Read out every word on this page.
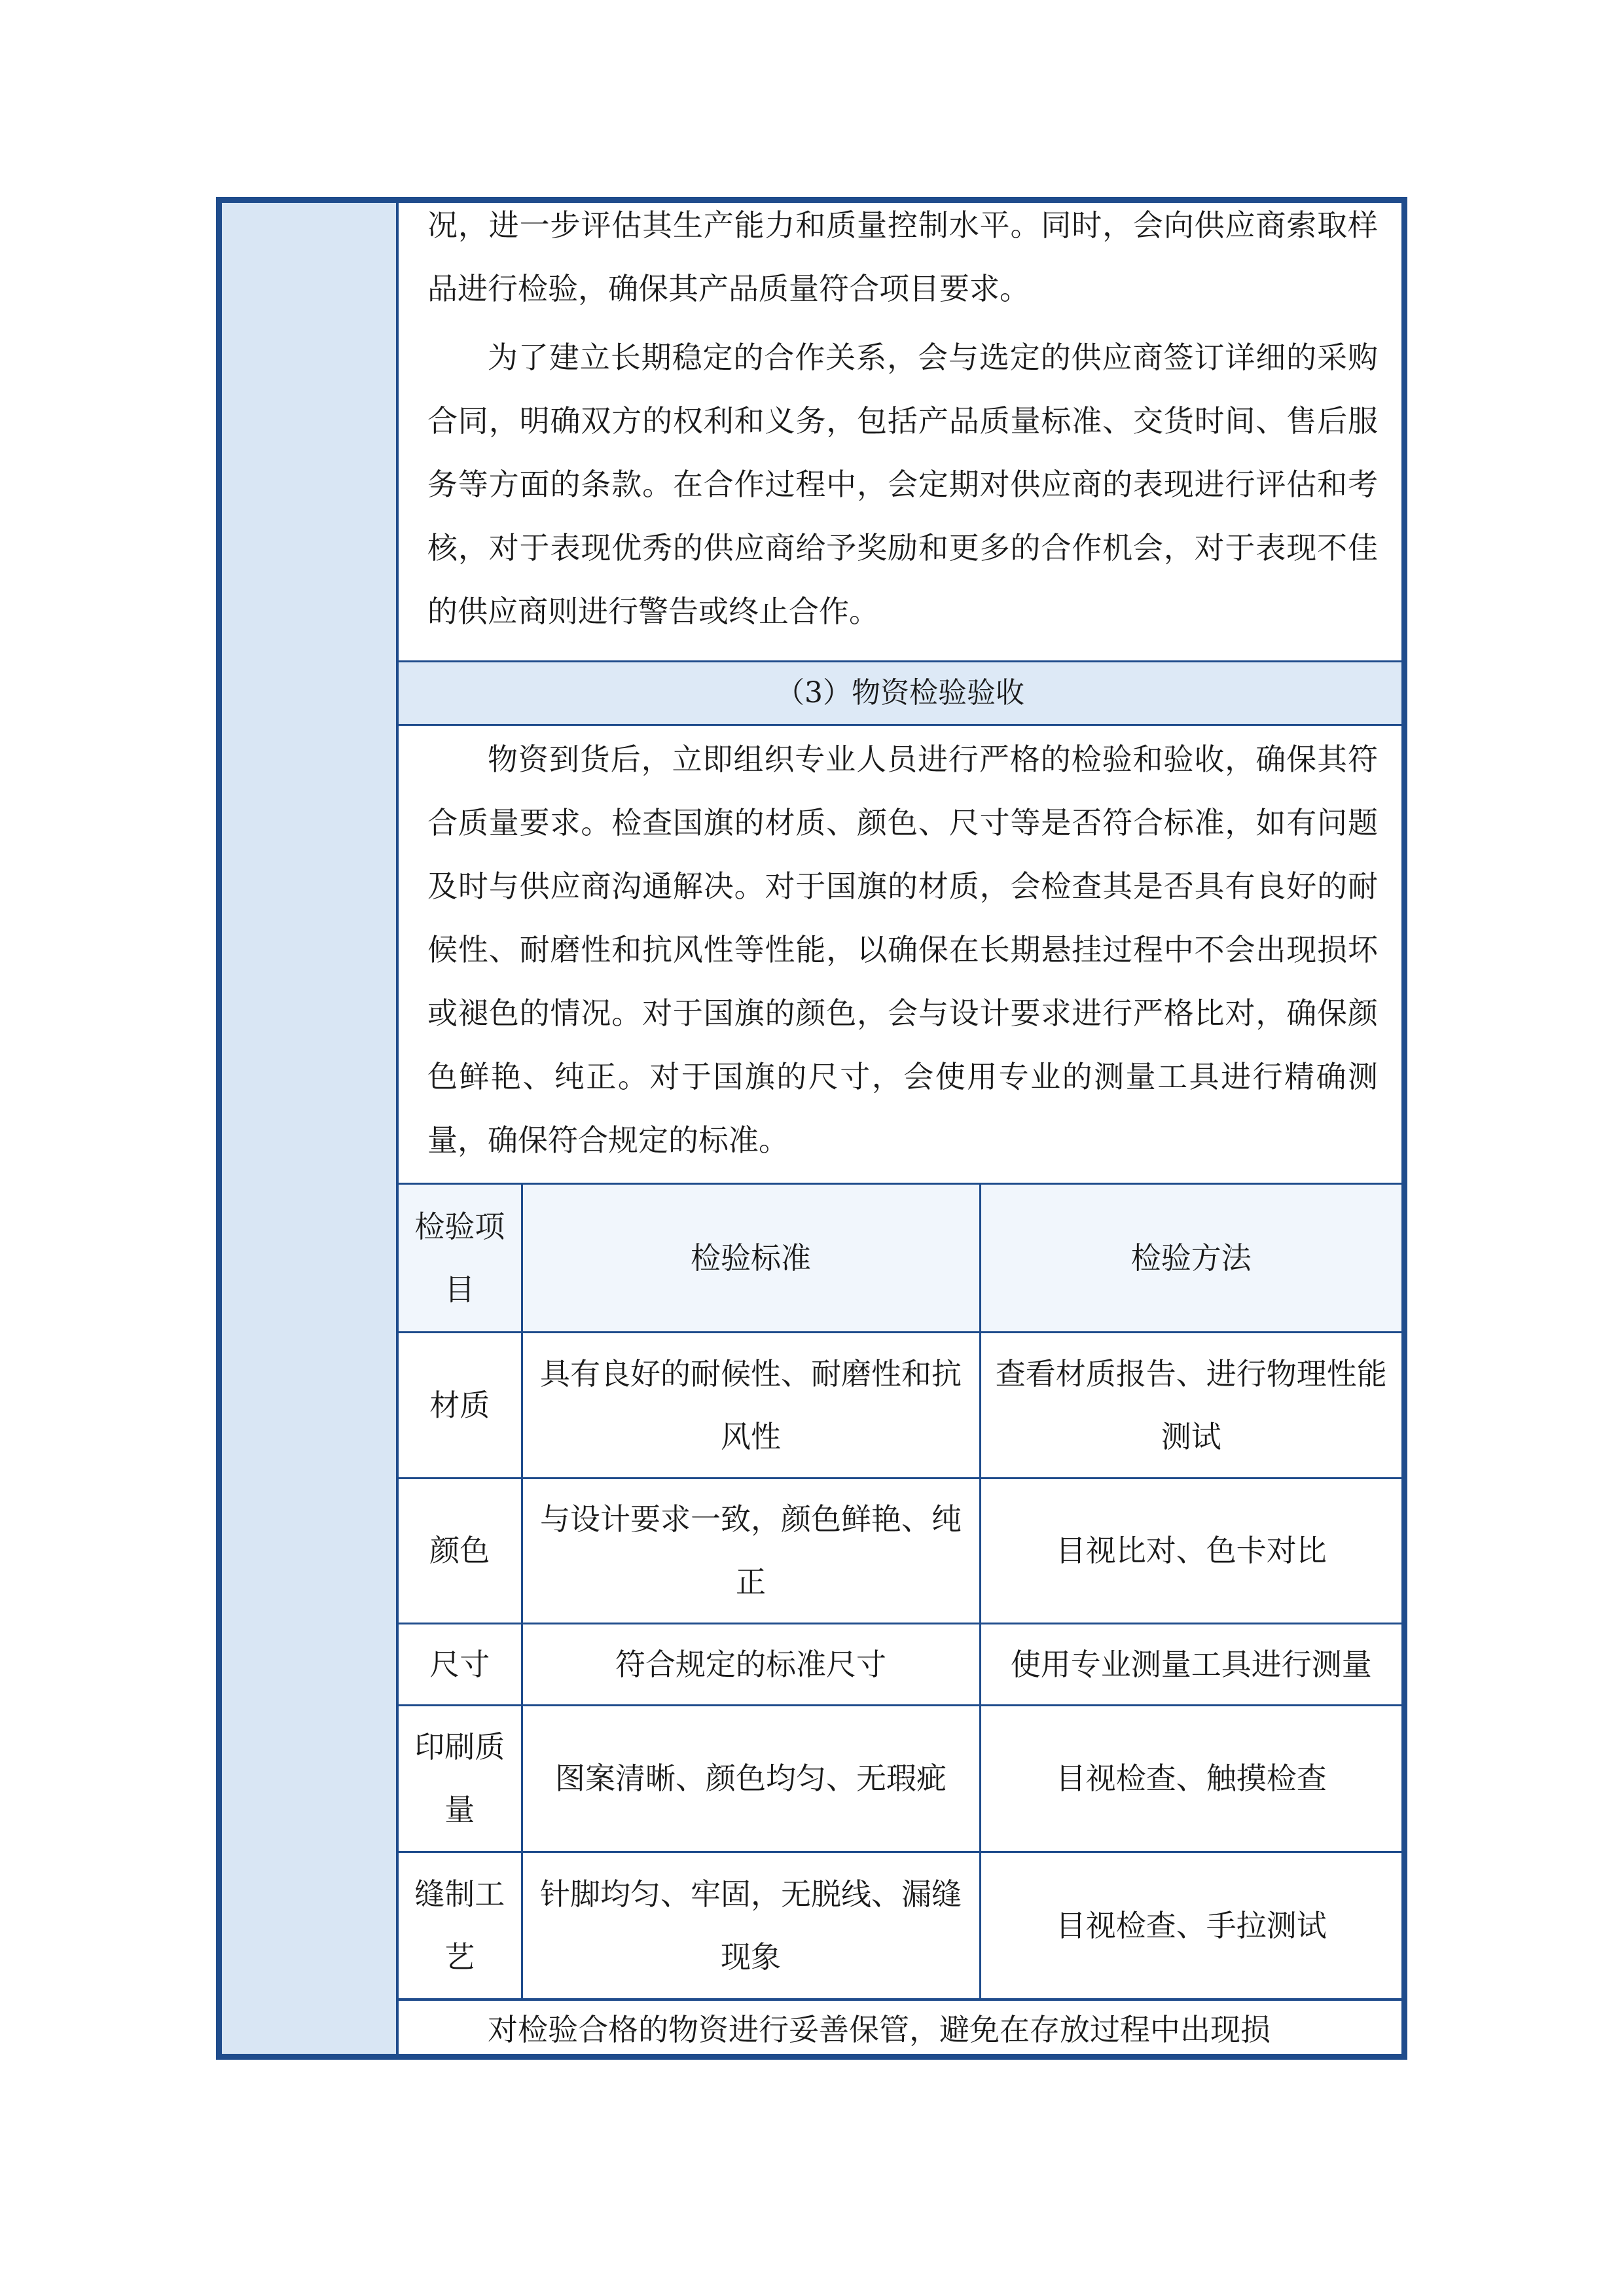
况，进一步评估其生产能力和质量控制水平。同时，会向供应商索取样品进行检验，确保其产品质量符合项目要求。

为了建立长期稳定的合作关系，会与选定的供应商签订详细的采购合同，明确双方的权利和义务，包括产品质量标准、交货时间、售后服务等方面的条款。在合作过程中，会定期对供应商的表现进行评估和考核，对于表现优秀的供应商给予奖励和更多的合作机会，对于表现不佳的供应商则进行警告或终止合作。

（3）物资检验验收

物资到货后，立即组织专业人员进行严格的检验和验收，确保其符合质量要求。检查国旗的材质、颜色、尺寸等是否符合标准，如有问题及时与供应商沟通解决。对于国旗的材质，会检查其是否具有良好的耐候性、耐磨性和抗风性等性能，以确保在长期悬挂过程中不会出现损坏或褪色的情况。对于国旗的颜色，会与设计要求进行严格比对，确保颜色鲜艳、纯正。对于国旗的尺寸，会使用专业的测量工具进行精确测量，确保符合规定的标准。

检验项目	检验标准	检验方法
材质	具有良好的耐候性、耐磨性和抗风性	查看材质报告、进行物理性能测试
颜色	与设计要求一致，颜色鲜艳、纯正	目视比对、色卡对比
尺寸	符合规定的标准尺寸	使用专业测量工具进行测量
印刷质量	图案清晰、颜色均匀、无瑕疵	目视检查、触摸检查
缝制工艺	针脚均匀、牢固，无脱线、漏缝现象	目视检查、手拉测试

对检验合格的物资进行妥善保管，避免在存放过程中出现损
